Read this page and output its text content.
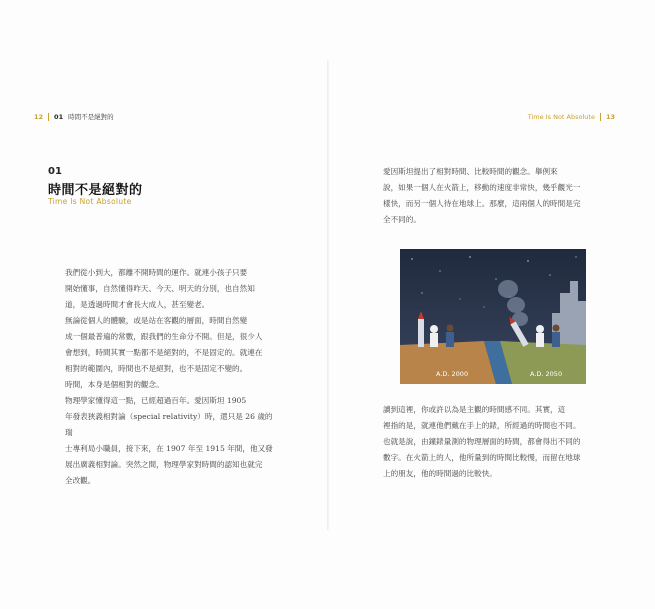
12 01 時間不是絕對的	Time Is Not Absolute 13
01
時間不是絕對的
Time Is Not Absolute

我們從小到大，都離不開時間的運作。就連小孩子只要

開始懂事，自然懂得昨天、今天、明天的分別，也自然知

道，是透過時間才會長大成人，甚至變老。

無論從個人的體驗，或是站在客觀的層面，時間自然變

成一個最普遍的常數，跟我們的生命分不開。但是，很少人

會想到，時間其實一點都不是絕對的，不是固定的。就連在

相對的範圍內，時間也不是絕對，也不是固定不變的。

時間，本身是個相對的觀念。

物理學家懂得這一點，已經超過百年。愛因斯坦 1905

年發表狹義相對論（special relativity）時，還只是 26 歲的瑞

士專利局小職員，接下來，在 1907 年至 1915 年間，他又發

展出廣義相對論。突然之間，物理學家對時間的認知也就完

全改觀。

愛因斯坦提出了相對時間、比較時間的觀念。舉例來

說，如果一個人在火箭上，移動的速度非常快，幾乎觀光一

樣快，而另一個人待在地球上。那麼，這兩個人的時間是完

全不同的。

A.D. 2000	A.D. 2050

讀到這裡，你或許以為是主觀的時間感不同。其實，這

裡指的是，就連他們戴在手上的錶，所經過的時間也不同。

也就是說，由鐘錶量測的物理層面的時間，都會得出不同的

數字。在火箭上的人，他所量到的時間比較慢，而留在地球

上的朋友，他的時間過的比較快。
